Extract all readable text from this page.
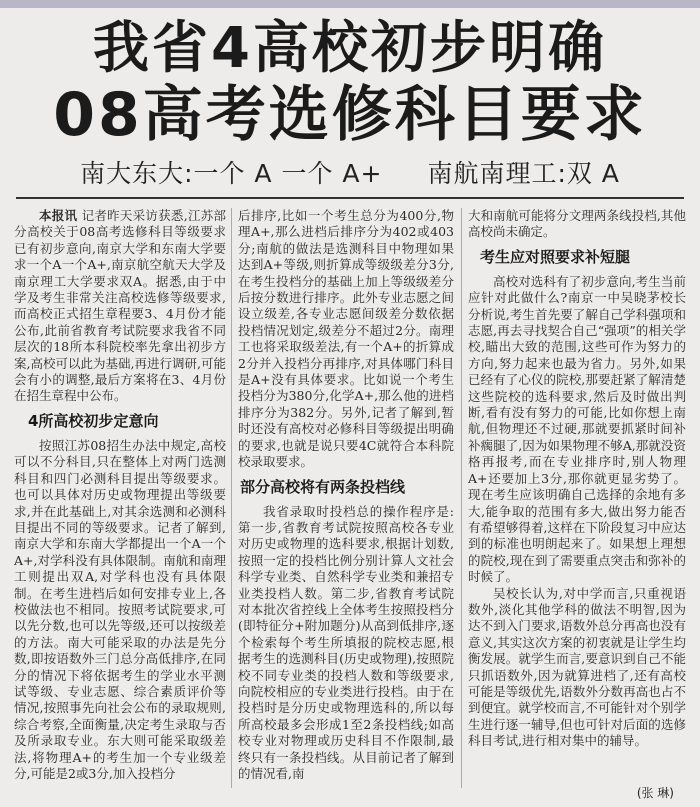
我省4高校初步明确
08高考选修科目要求
南大东大:一个 A 一个 A+ 南航南理工:双 A

本报讯 记者昨天采访获悉,江苏部分高校关于08高考选修科目等级要求已有初步意向,南京大学和东南大学要求一个A一个A+,南京航空航天大学及南京理工大学要求双A。据悉,由于中学及考生非常关注高校选修等级要求,而高校正式招生章程要3、4月份才能公布,此前省教育考试院要求我省不同层次的18所本科院校率先拿出初步方案,高校可以此为基础,再进行调研,可能会有小的调整,最后方案将在3、4月份在招生章程中公布。

4所高校初步定意向

按照江苏08招生办法中规定,高校可以不分科目,只在整体上对两门选测科目和四门必测科目提出等级要求。也可以具体对历史或物理提出等级要求,并在此基础上,对其余选测和必测科目提出不同的等级要求。记者了解到,南京大学和东南大学都提出一个A一个A+,对学科没有具体限制。南航和南理工则提出双A,对学科也没有具体限制。在考生进档后如何安排专业上,各校做法也不相同。按照考试院要求,可以先分数,也可以先等级,还可以按级差的方法。南大可能采取的办法是先分数,即按语数外三门总分高低排序,在同分的情况下将依据考生的学业水平测试等级、专业志愿、综合素质评价等情况,按照事先向社会公布的录取规则,综合考察,全面衡量,决定考生录取与否及所录取专业。东大则可能采取级差法,将物理A+的考生加一个专业级差分,可能是2或3分,加入投档分

后排序,比如一个考生总分为400分,物理A+,那么进档后排序分为402或403分;南航的做法是选测科目中物理如果达到A+等级,则折算成等级级差分3分,在考生投档分的基础上加上等级级差分后按分数进行排序。此外专业志愿之间设立级差,各专业志愿间级差分数依据投档情况划定,级差分不超过2分。南理工也将采取级差法,有一个A+的折算成2分并入投档分再排序,对具体哪门科目是A+没有具体要求。比如说一个考生投档分为380分,化学A+,那么他的进档排序分为382分。另外,记者了解到,暂时还没有高校对必修科目等级提出明确的要求,也就是说只要4C就符合本科院校录取要求。

部分高校将有两条投档线

我省录取时投档总的操作程序是:第一步,省教育考试院按照高校各专业对历史或物理的选科要求,根据计划数,按照一定的投档比例分别计算人文社会科学专业类、自然科学专业类和兼招专业类投档人数。第二步,省教育考试院对本批次省控线上全体考生按照投档分(即特征分+附加题分)从高到低排序,逐个检索每个考生所填报的院校志愿,根据考生的选测科目(历史或物理),按照院校不同专业类的投档人数和等级要求,向院校相应的专业类进行投档。由于在投档时是分历史或物理选科的,所以每所高校最多会形成1至2条投档线;如高校专业对物理或历史科目不作限制,最终只有一条投档线。从目前记者了解到的情况看,南

大和南航可能将分文理两条线投档,其他高校尚未确定。

考生应对照要求补短腿

高校对选科有了初步意向,考生当前应针对此做什么?南京一中吴晓茅校长分析说,考生首先要了解自己学科强项和志愿,再去寻找契合自己“强项”的相关学校,瞄出大致的范围,这些可作为努力的方向,努力起来也最为省力。另外,如果已经有了心仪的院校,那要赶紧了解清楚这些院校的选科要求,然后及时做出判断,看有没有努力的可能,比如你想上南航,但物理还不过硬,那就要抓紧时间补补瘸腿了,因为如果物理不够A,那就没资格再报考,而在专业排序时,别人物理A+还要加上3分,那你就更显劣势了。现在考生应该明确自己选择的余地有多大,能争取的范围有多大,做出努力能否有希望够得着,这样在下阶段复习中应达到的标准也明朗起来了。如果想上理想的院校,现在到了需要重点突击和弥补的时候了。

吴校长认为,对中学而言,只重视语数外,淡化其他学科的做法不明智,因为达不到入门要求,语数外总分再高也没有意义,其实这次方案的初衷就是让学生均衡发展。就学生而言,要意识到自己不能只抓语数外,因为就算进档了,还有高校可能是等级优先,语数外分数再高也占不到便宜。就学校而言,不可能针对个别学生进行逐一辅导,但也可针对后面的选修科目考试,进行相对集中的辅导。

(张 琳)
